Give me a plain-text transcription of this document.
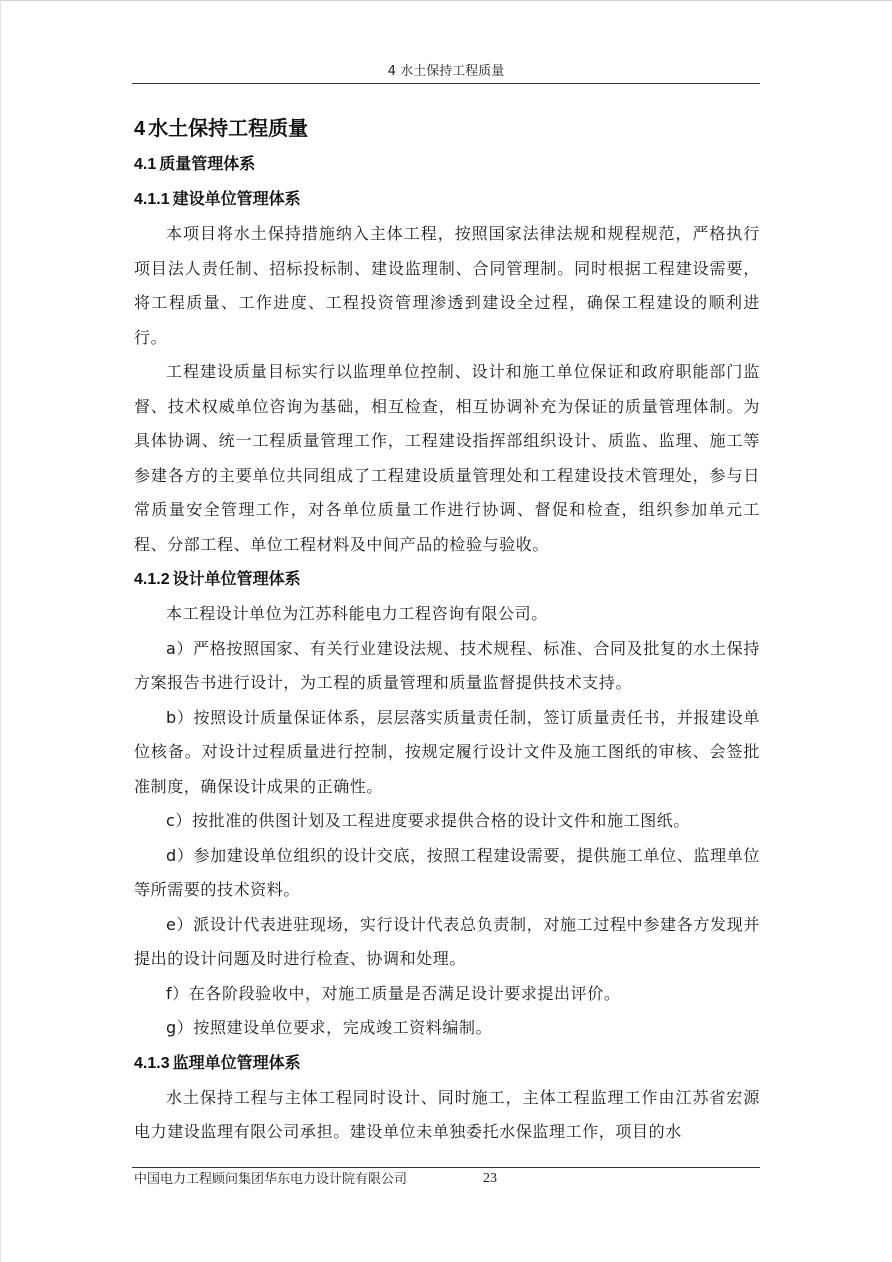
4 水土保持工程质量
4 水土保持工程质量
4.1 质量管理体系
4.1.1 建设单位管理体系

本项目将水土保持措施纳入主体工程，按照国家法律法规和规程规范，严格执行项目法人责任制、招标投标制、建设监理制、合同管理制。同时根据工程建设需要，将工程质量、工作进度、工程投资管理渗透到建设全过程，确保工程建设的顺利进行。

工程建设质量目标实行以监理单位控制、设计和施工单位保证和政府职能部门监督、技术权威单位咨询为基础，相互检查，相互协调补充为保证的质量管理体制。为具体协调、统一工程质量管理工作，工程建设指挥部组织设计、质监、监理、施工等参建各方的主要单位共同组成了工程建设质量管理处和工程建设技术管理处，参与日常质量安全管理工作，对各单位质量工作进行协调、督促和检查，组织参加单元工程、分部工程、单位工程材料及中间产品的检验与验收。

4.1.2 设计单位管理体系

本工程设计单位为江苏科能电力工程咨询有限公司。

a）严格按照国家、有关行业建设法规、技术规程、标准、合同及批复的水土保持方案报告书进行设计，为工程的质量管理和质量监督提供技术支持。

b）按照设计质量保证体系，层层落实质量责任制，签订质量责任书，并报建设单位核备。对设计过程质量进行控制，按规定履行设计文件及施工图纸的审核、会签批准制度，确保设计成果的正确性。

c）按批准的供图计划及工程进度要求提供合格的设计文件和施工图纸。

d）参加建设单位组织的设计交底，按照工程建设需要，提供施工单位、监理单位等所需要的技术资料。

e）派设计代表进驻现场，实行设计代表总负责制，对施工过程中参建各方发现并提出的设计问题及时进行检查、协调和处理。

f）在各阶段验收中，对施工质量是否满足设计要求提出评价。

g）按照建设单位要求，完成竣工资料编制。

4.1.3 监理单位管理体系

水土保持工程与主体工程同时设计、同时施工，主体工程监理工作由江苏省宏源电力建设监理有限公司承担。建设单位未单独委托水保监理工作，项目的水

中国电力工程顾问集团华东电力设计院有限公司	23
